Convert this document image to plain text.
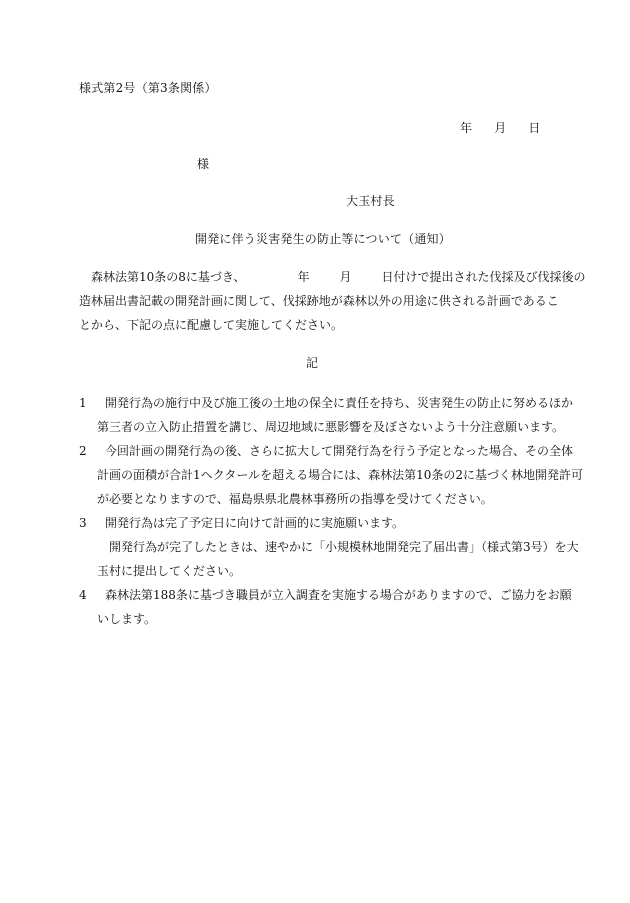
様式第2号（第3条関係）
年 月 日
様
大玉村長
開発に伴う災害発生の防止等について（通知）
森林法第10条の8に基づき、	年	月	日付けで提出された伐採及び伐採後の
造林届出書記載の開発計画に関して、伐採跡地が森林以外の用途に供される計画であるこ
とから、下記の点に配慮して実施してください。
記
1 開発行為の施行中及び施工後の土地の保全に責任を持ち、災害発生の防止に努めるほか
第三者の立入防止措置を講じ、周辺地域に悪影響を及ぼさないよう十分注意願います。
2 今回計画の開発行為の後、さらに拡大して開発行為を行う予定となった場合、その全体
計画の面積が合計1ヘクタールを超える場合には、森林法第10条の2に基づく林地開発許可
が必要となりますので、福島県県北農林事務所の指導を受けてください。
3 開発行為は完了予定日に向けて計画的に実施願います。
開発行為が完了したときは、速やかに「小規模林地開発完了届出書」（様式第3号）を大
玉村に提出してください。
4 森林法第188条に基づき職員が立入調査を実施する場合がありますので、ご協力をお願
いします。
